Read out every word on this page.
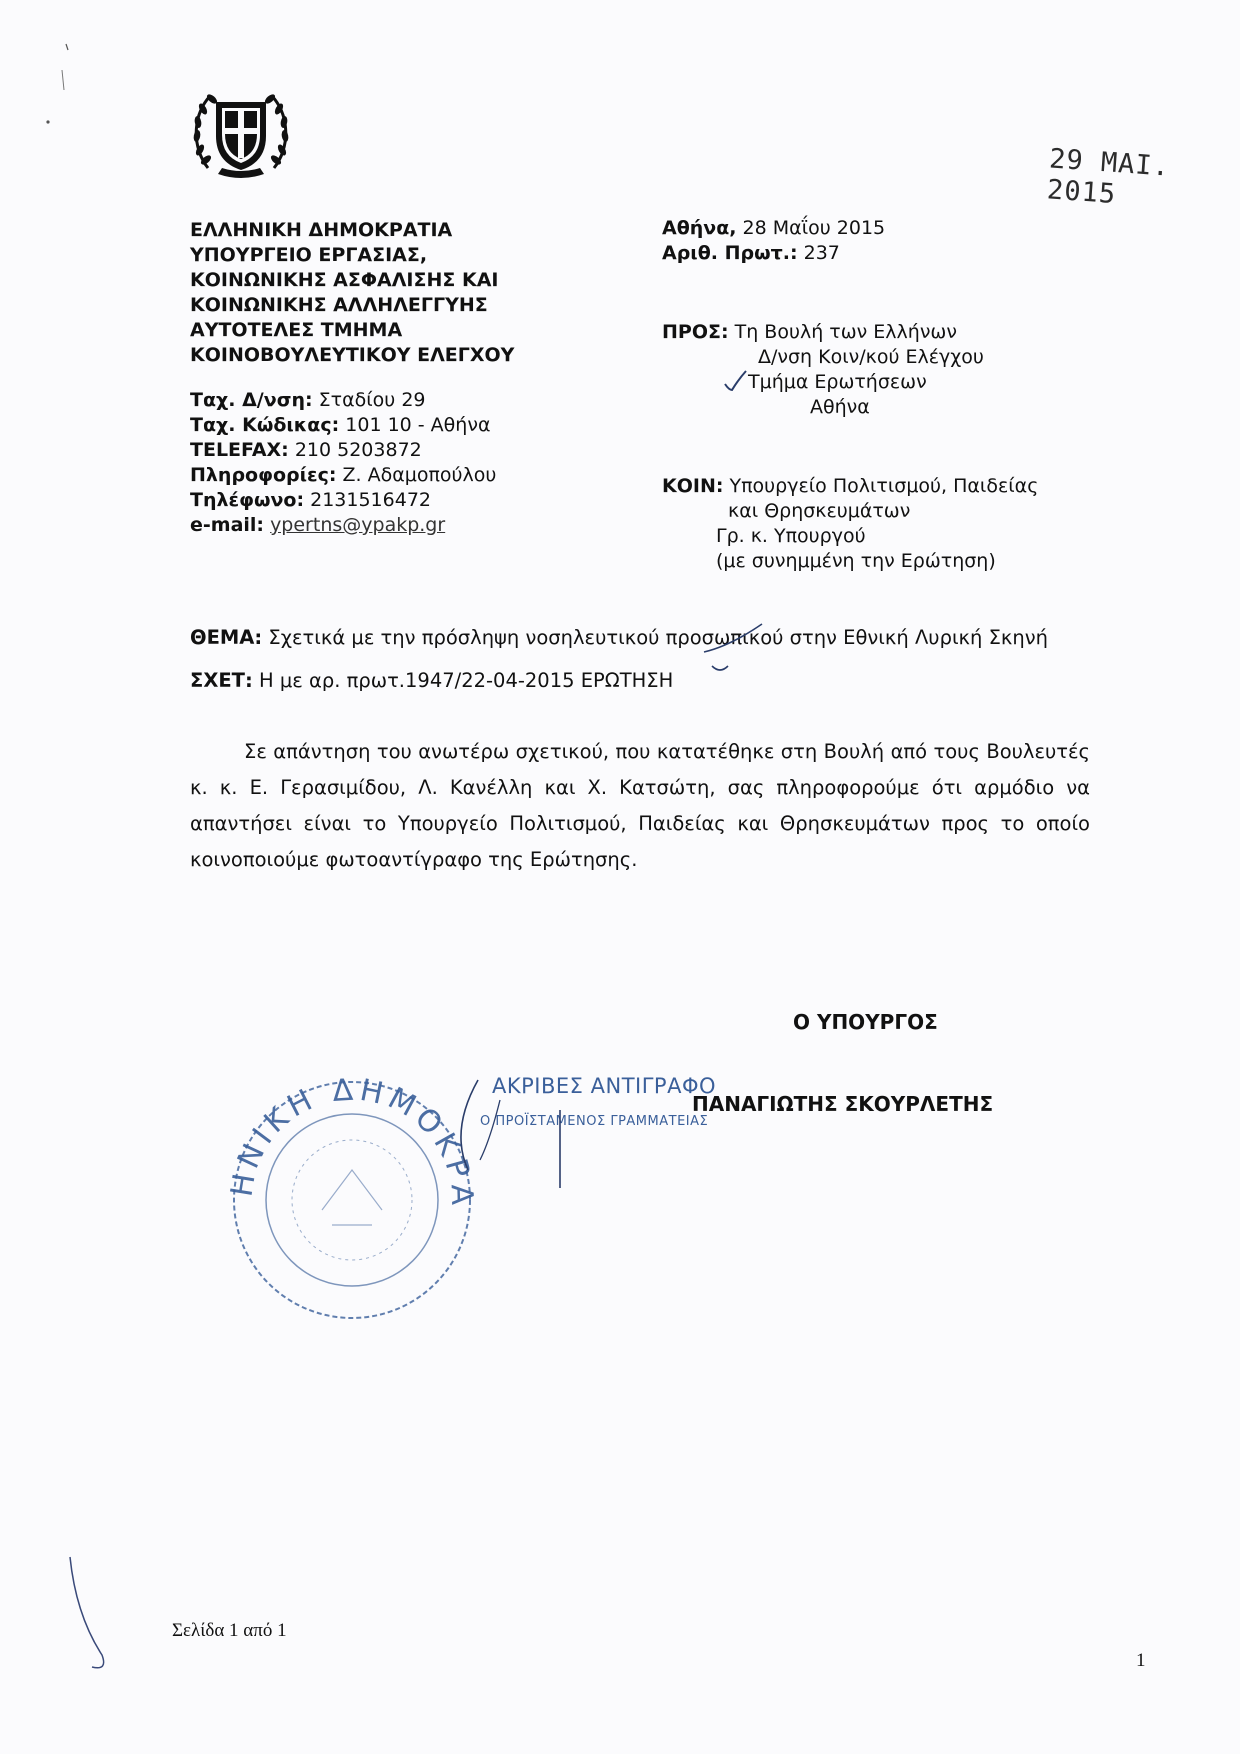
29 ΜΑΙ. 2015
ΕΛΛΗΝΙΚΗ ΔΗΜΟΚΡΑΤΙΑ
ΥΠΟΥΡΓΕΙΟ ΕΡΓΑΣΙΑΣ,
ΚΟΙΝΩΝΙΚΗΣ ΑΣΦΑΛΙΣΗΣ ΚΑΙ
ΚΟΙΝΩΝΙΚΗΣ ΑΛΛΗΛΕΓΓΥΗΣ
ΑΥΤΟΤΕΛΕΣ ΤΜΗΜΑ
ΚΟΙΝΟΒΟΥΛΕΥΤΙΚΟΥ ΕΛΕΓΧΟΥ
Ταχ. Δ/νση: Σταδίου 29
Ταχ. Κώδικας: 101 10 - Αθήνα
TELEFAX: 210 5203872
Πληροφορίες: Ζ. Αδαμοπούλου
Τηλέφωνο: 2131516472
e-mail: ypertns@ypakp.gr
Αθήνα, 28 Μαΐου 2015
Αριθ. Πρωτ.: 237
ΠΡΟΣ: Τη Βουλή των Ελλήνων
Δ/νση Κοιν/κού Ελέγχου
Τμήμα Ερωτήσεων
Αθήνα
ΚΟΙΝ: Υπουργείο Πολιτισμού, Παιδείας
και Θρησκευμάτων
Γρ. κ. Υπουργού
(με συνημμένη την Ερώτηση)
ΘΕΜΑ: Σχετικά με την πρόσληψη νοσηλευτικού προσωπικού στην Εθνική Λυρική Σκηνή
ΣΧΕΤ: Η με αρ. πρωτ.1947/22-04-2015 ΕΡΩΤΗΣΗ

Σε απάντηση του ανωτέρω σχετικού, που κατατέθηκε στη Βουλή από τους Βουλευτές κ. κ. Ε. Γερασιμίδου, Λ. Κανέλλη και Χ. Κατσώτη, σας πληροφορούμε ότι αρμόδιο να απαντήσει είναι το Υπουργείο Πολιτισμού, Παιδείας και Θρησκευμάτων προς το οποίο κοινοποιούμε φωτοαντίγραφο της Ερώτησης.

Ο ΥΠΟΥΡΓΟΣ
ΑΚΡΙΒΕΣ ΑΝΤΙΓΡΑΦΟ
Ο ΠΡΟΪΣΤΑΜΕΝΟΣ ΓΡΑΜΜΑΤΕΙΑΣ
ΠΑΝΑΓΙΩΤΗΣ ΣΚΟΥΡΛΕΤΗΣ
ΗΝΙΚΗ ΔΗΜΟΚΡΑ
Σελίδα 1 από 1
1
